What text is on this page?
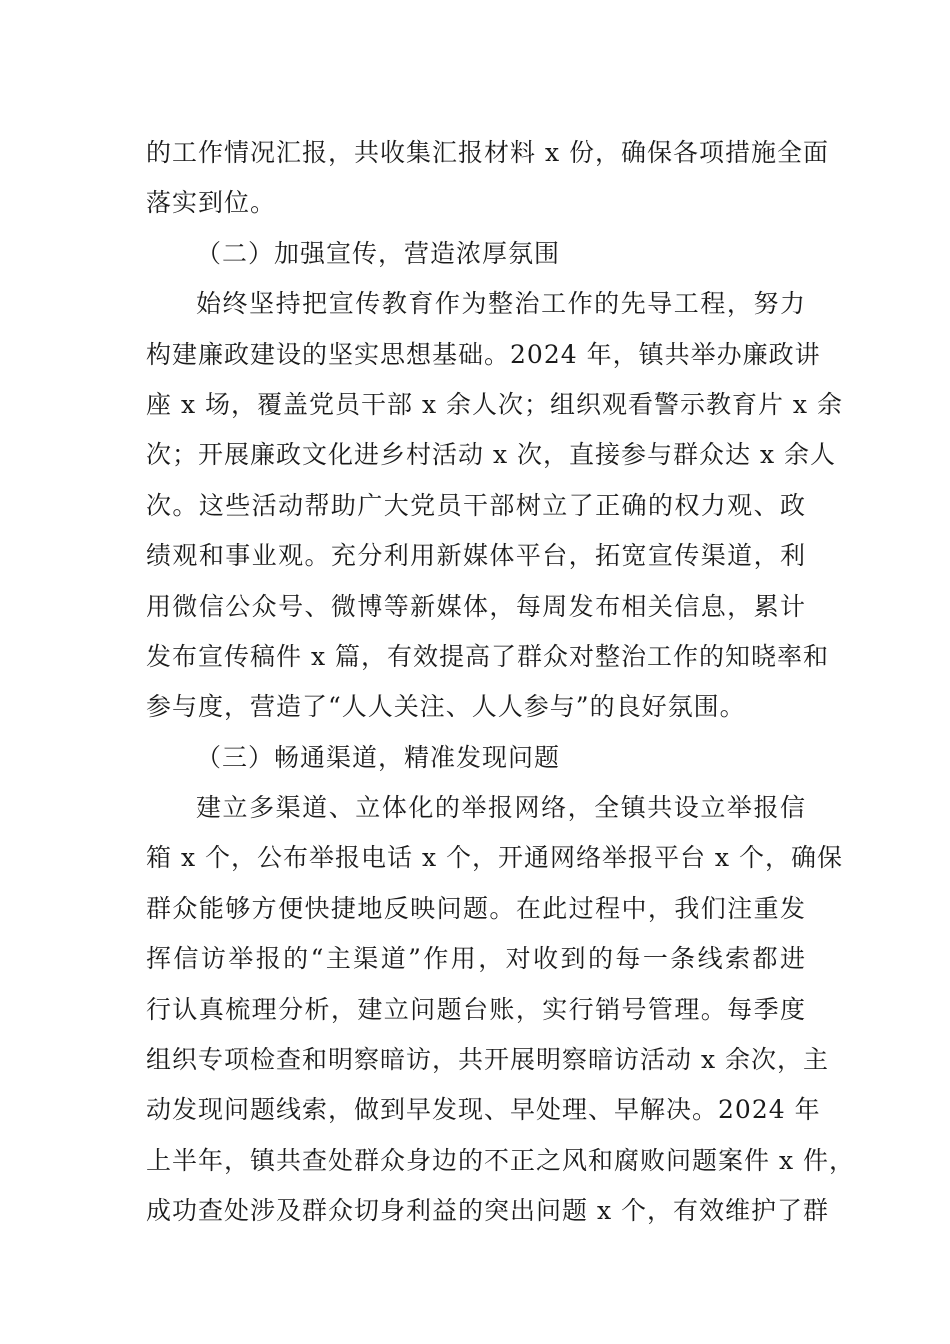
的工作情况汇报，共收集汇报材料 x 份，确保各项措施全面
落实到位。
（二）加强宣传，营造浓厚氛围
始终坚持把宣传教育作为整治工作的先导工程，努力
构建廉政建设的坚实思想基础。2024 年，镇共举办廉政讲
座 x 场，覆盖党员干部 x 余人次；组织观看警示教育片 x 余
次；开展廉政文化进乡村活动 x 次，直接参与群众达 x 余人
次。这些活动帮助广大党员干部树立了正确的权力观、政
绩观和事业观。充分利用新媒体平台，拓宽宣传渠道，利
用微信公众号、微博等新媒体，每周发布相关信息，累计
发布宣传稿件 x 篇，有效提高了群众对整治工作的知晓率和
参与度，营造了“人人关注、人人参与”的良好氛围。
（三）畅通渠道，精准发现问题
建立多渠道、立体化的举报网络，全镇共设立举报信
箱 x 个，公布举报电话 x 个，开通网络举报平台 x 个，确保
群众能够方便快捷地反映问题。在此过程中，我们注重发
挥信访举报的“主渠道”作用，对收到的每一条线索都进
行认真梳理分析，建立问题台账，实行销号管理。每季度
组织专项检查和明察暗访，共开展明察暗访活动 x 余次，主
动发现问题线索，做到早发现、早处理、早解决。2024 年
上半年，镇共查处群众身边的不正之风和腐败问题案件 x 件，
成功查处涉及群众切身利益的突出问题 x 个，有效维护了群
